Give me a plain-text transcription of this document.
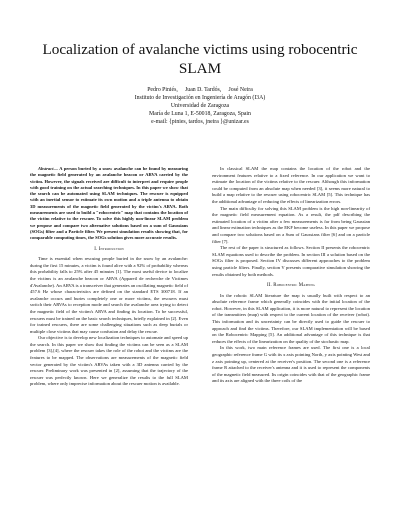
Localization of avalanche victims using robocentric SLAM
Pedro Piniés,     Juan D. Tardós,     José Neira
Instituto de Investigación en Ingeniería de Aragón (I3A)
Universidad de Zaragoza
María de Luna 1, E-50018, Zaragoza, Spain
e-mail: {pinies, tardos, jneira }@unizar.es

Abstract— A person buried by a snow avalanche can be found by measuring the magnetic field generated by an avalanche beacon or ARVA carried by the victim. However, the signals received are difficult to interpret and require people with good training on the actual searching techniques. In this paper we show that the search can be automated using SLAM techniques. The rescuer is equipped with an inertial sensor to estimate its own motion and a triple antenna to obtain 3D measurements of the magnetic field generated by the victim's ARVA. Both measurements are used to build a "robocentric" map that contains the location of the victim relative to the rescuer. To solve this highly non-linear SLAM problem we propose and compare two alternative solutions based on a sum of Gaussians (SOGs) filter and a Particle filter. We present simulation results showing that, for comparable computing times, the SOGs solution gives more accurate results.

I. Introduction

Time is essential when rescuing people buried in the snow by an avalanche: during the first 15 minutes, a victim is found alive with a 92% of probability whereas this probability falls to 25% after 45 minutes [1]. The most useful device to localize the victims is an avalanche beacon or ARVA (Appareil de recherche de Victimes d'Avalanche). An ARVA is a transceiver that generates an oscillating magnetic field of 457.6 Hz whose characteristics are defined on the standard ETS 300718. If an avalanche occurs and buries completely one or more victims, the rescuers must switch their ARVAs to reception mode and search the avalanche area trying to detect the magnetic field of the victim's ARVA and finding its location. To be successful, rescuers must be trained on the basic search techniques, briefly explained in [2]. Even for trained rescuers, there are some challenging situations such as deep burials or multiple close victims that may cause confusion and delay the rescue.

Our objective is to develop new localization techniques to automate and speed up the search. In this paper we show that finding the victims can be seen as a SLAM problem [3],[4], where the rescuer takes the role of the robot and the victims are the features to be mapped. The observations are measurements of the magnetic field vector generated by the victim's ARVAs taken with a 3D antenna carried by the rescuer. Preliminary work was presented in [2], assuming that the trajectory of the rescuer was perfectly known. Here we generalize the results to the full SLAM problem, where only imprecise information about the rescuer motion is available.

In classical SLAM the map contains the location of the robot and the environment features relative to a fixed reference. In our application we want to estimate the location of the victims relative to the rescuer. Although this information could be computed from an absolute map when needed [3], it seems more natural to build a map relative to the rescuer using robocentric SLAM [5]. This technique has the additional advantage of reducing the effects of linearization errors.

The main difficulty for solving this SLAM problem is the high non-linearity of the magnetic field measurement equation. As a result, the pdf describing the estimated location of a victim after a few measurements is far from being Gaussian and linear estimation techniques as the EKF become useless. In this paper we propose and compare two solutions based on a Sum of Gaussians filter [6] and on a particle filter [7].

The rest of the paper is structured as follows. Section II presents the robocentric SLAM equations used to describe the problem. In section III a solution based on the SOGs filter is proposed. Section IV discusses different approaches to the problem using particle filters. Finally, section V presents comparative simulation showing the results obtained by both methods.

II. Robocentric Mapping

In the robotic SLAM literature the map is usually built with respect to an absolute reference frame which generally coincides with the initial location of the robot. However, in this SLAM application, it is more natural to represent the location of the transmitters (map) with respect to the current location of the receiver (robot). This information and its uncertainty can be directly used to guide the rescuer to approach and find the victims. Therefore, our SLAM implementation will be based on the Robocentric Mapping [5]. An additional advantage of this technique is that reduces the effects of the linearization on the quality of the stochastic map.

In this work, two main reference frames are used. The first one is a local geographic reference frame G with its x axis pointing North, y axis pointing West and z axis pointing up, centered at the receiver's position. The second one is a reference frame R attached to the receiver's antenna and it is used to represent the components of the magnetic field measured. Its origin coincides with that of the geographic frame and its axis are aligned with the three coils of the
